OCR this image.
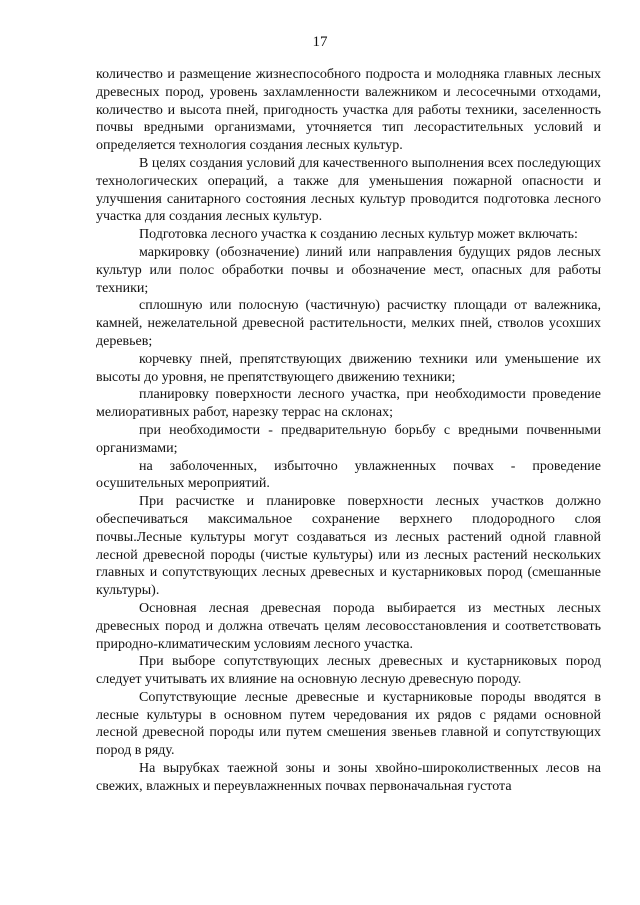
17

количество и размещение жизнеспособного подроста и молодняка главных лесных древесных пород, уровень захламленности валежником и лесосечными отходами, количество и высота пней, пригодность участка для работы техники, заселенность почвы вредными организмами, уточняется тип лесорастительных условий и определяется технология создания лесных культур.

В целях создания условий для качественного выполнения всех последующих технологических операций, а также для уменьшения пожарной опасности и улучшения санитарного состояния лесных культур проводится подготовка лесного участка для создания лесных культур.

Подготовка лесного участка к созданию лесных культур может включать:

маркировку (обозначение) линий или направления будущих рядов лесных культур или полос обработки почвы и обозначение мест, опасных для работы техники;

сплошную или полосную (частичную) расчистку площади от валежника, камней, нежелательной древесной растительности, мелких пней, стволов усохших деревьев;

корчевку пней, препятствующих движению техники или уменьшение их высоты до уровня, не препятствующего движению техники;

планировку поверхности лесного участка, при необходимости проведение мелиоративных работ, нарезку террас на склонах;

при необходимости - предварительную борьбу с вредными почвенными организмами;

на заболоченных, избыточно увлажненных почвах - проведение осушительных мероприятий.

При расчистке и планировке поверхности лесных участков должно обеспечиваться максимальное сохранение верхнего плодородного слоя почвы.Лесные культуры могут создаваться из лесных растений одной главной лесной древесной породы (чистые культуры) или из лесных растений нескольких главных и сопутствующих лесных древесных и кустарниковых пород (смешанные культуры).

Основная лесная древесная порода выбирается из местных лесных древесных пород и должна отвечать целям лесовосстановления и соответствовать природно-климатическим условиям лесного участка.

При выборе сопутствующих лесных древесных и кустарниковых пород следует учитывать их влияние на основную лесную древесную породу.

Сопутствующие лесные древесные и кустарниковые породы вводятся в лесные культуры в основном путем чередования их рядов с рядами основной лесной древесной породы или путем смешения звеньев главной и сопутствующих пород в ряду.

На вырубках таежной зоны и зоны хвойно-широколиственных лесов на свежих, влажных и переувлажненных почвах первоначальная густота
